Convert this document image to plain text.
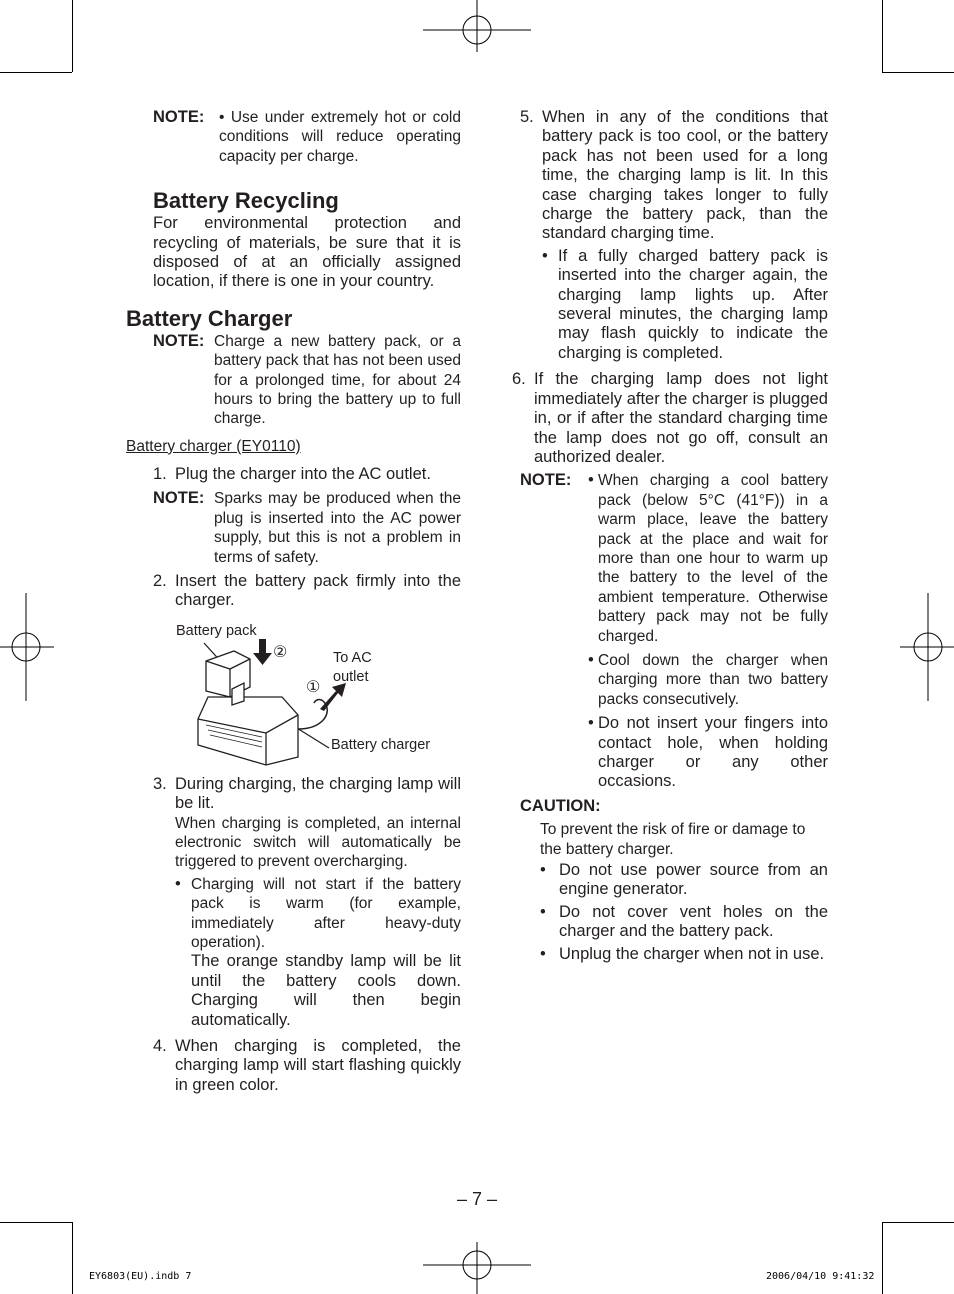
NOTE: • Use under extremely hot or cold conditions will reduce operating capacity per charge.
Battery Recycling

For environmental protection and recycling of materials, be sure that it is disposed of at an officially assigned location, if there is one in your country.

Battery Charger
NOTE: Charge a new battery pack, or a battery pack that has not been used for a prolonged time, for about 24 hours to bring the battery up to full charge.
Battery charger (EY0110)
1. Plug the charger into the AC outlet.
NOTE: Sparks may be produced when the plug is inserted into the AC power supply, but this is not a problem in terms of safety.
2. Insert the battery pack firmly into the charger.
Battery pack
To AC
outlet
Battery charger
②
①
3. During charging, the charging lamp will be lit.

When charging is completed, an internal electronic switch will automatically be triggered to prevent overcharging.

• Charging will not start if the battery pack is warm (for example, immediately after heavy-duty operation).

The orange standby lamp will be lit until the battery cools down. Charging will then begin automatically.

4. When charging is completed, the charging lamp will start flashing quickly in green color.
5. When in any of the conditions that battery pack is too cool, or the battery pack has not been used for a long time, the charging lamp is lit. In this case charging takes longer to fully charge the battery pack, than the standard charging time.

• If a fully charged battery pack is inserted into the charger again, the charging lamp lights up. After several minutes, the charging lamp may flash quickly to indicate the charging is completed.
6. If the charging lamp does not light immediately after the charger is plugged in, or if after the standard charging time the lamp does not go off, consult an authorized dealer.
NOTE:	• When charging a cool battery pack (below 5°C (41°F)) in a warm place, leave the battery pack at the place and wait for more than one hour to warm up the battery to the level of the ambient temperature. Otherwise battery pack may not be fully charged.
• Cool down the charger when charging more than two battery packs consecutively.
• Do not insert your fingers into contact hole, when holding charger or any other occasions.
CAUTION:

To prevent the risk of fire or damage to the battery charger.

• Do not use power source from an engine generator.
• Do not cover vent holes on the charger and the battery pack.
• Unplug the charger when not in use.
– 7 –
EY6803(EU).indb 7	2006/04/10 9:41:32
